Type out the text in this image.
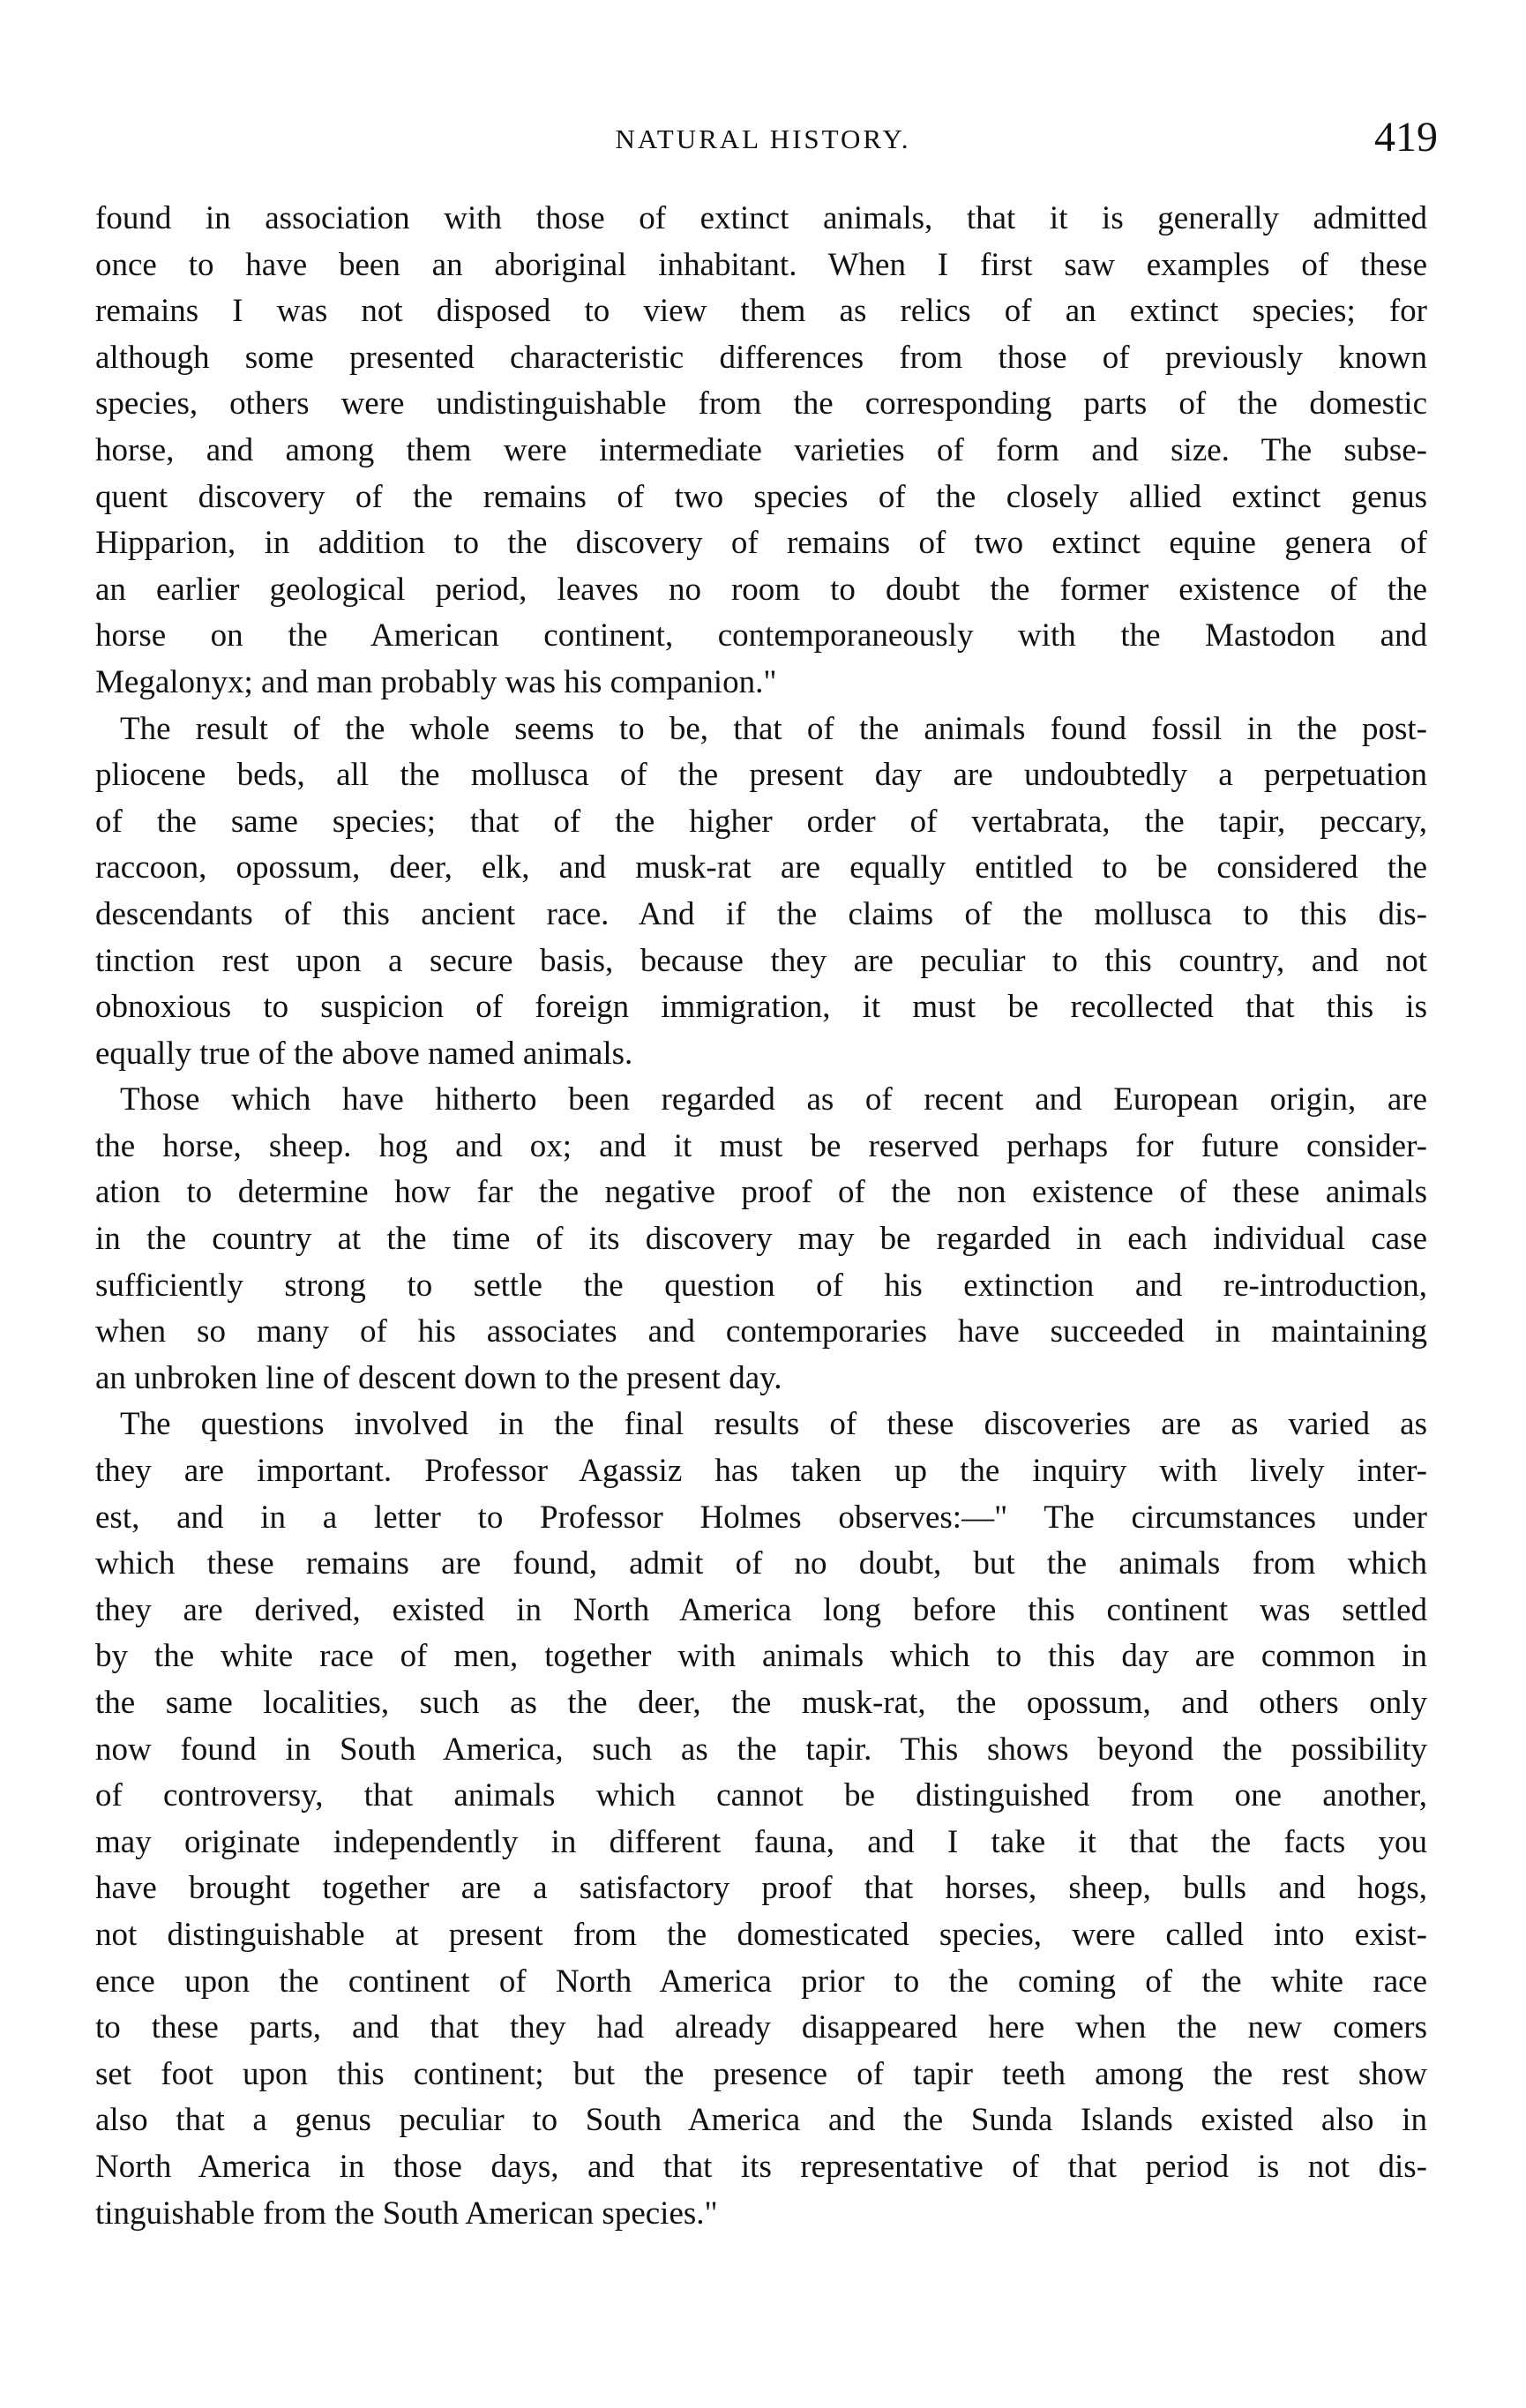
NATURAL HISTORY.	419
found in association with those of extinct animals, that it is generally admitted
once to have been an aboriginal inhabitant. When I first saw examples of these
remains I was not disposed to view them as relics of an extinct species; for
although some presented characteristic differences from those of previously known
species, others were undistinguishable from the corresponding parts of the domestic
horse, and among them were intermediate varieties of form and size. The subse-
quent discovery of the remains of two species of the closely allied extinct genus
Hipparion, in addition to the discovery of remains of two extinct equine genera of
an earlier geological period, leaves no room to doubt the former existence of the
horse on the American continent, contemporaneously with the Mastodon and
Megalonyx; and man probably was his companion."
The result of the whole seems to be, that of the animals found fossil in the post-
pliocene beds, all the mollusca of the present day are undoubtedly a perpetuation
of the same species; that of the higher order of vertabrata, the tapir, peccary,
raccoon, opossum, deer, elk, and musk-rat are equally entitled to be considered the
descendants of this ancient race. And if the claims of the mollusca to this dis-
tinction rest upon a secure basis, because they are peculiar to this country, and not
obnoxious to suspicion of foreign immigration, it must be recollected that this is
equally true of the above named animals.
Those which have hitherto been regarded as of recent and European origin, are
the horse, sheep. hog and ox; and it must be reserved perhaps for future consider-
ation to determine how far the negative proof of the non existence of these animals
in the country at the time of its discovery may be regarded in each individual case
sufficiently strong to settle the question of his extinction and re-introduction,
when so many of his associates and contemporaries have succeeded in maintaining
an unbroken line of descent down to the present day.
The questions involved in the final results of these discoveries are as varied as
they are important. Professor Agassiz has taken up the inquiry with lively inter-
est, and in a letter to Professor Holmes observes:—" The circumstances under
which these remains are found, admit of no doubt, but the animals from which
they are derived, existed in North America long before this continent was settled
by the white race of men, together with animals which to this day are common in
the same localities, such as the deer, the musk-rat, the opossum, and others only
now found in South America, such as the tapir. This shows beyond the possibility
of controversy, that animals which cannot be distinguished from one another,
may originate independently in different fauna, and I take it that the facts you
have brought together are a satisfactory proof that horses, sheep, bulls and hogs,
not distinguishable at present from the domesticated species, were called into exist-
ence upon the continent of North America prior to the coming of the white race
to these parts, and that they had already disappeared here when the new comers
set foot upon this continent; but the presence of tapir teeth among the rest show
also that a genus peculiar to South America and the Sunda Islands existed also in
North America in those days, and that its representative of that period is not dis-
tinguishable from the South American species."
